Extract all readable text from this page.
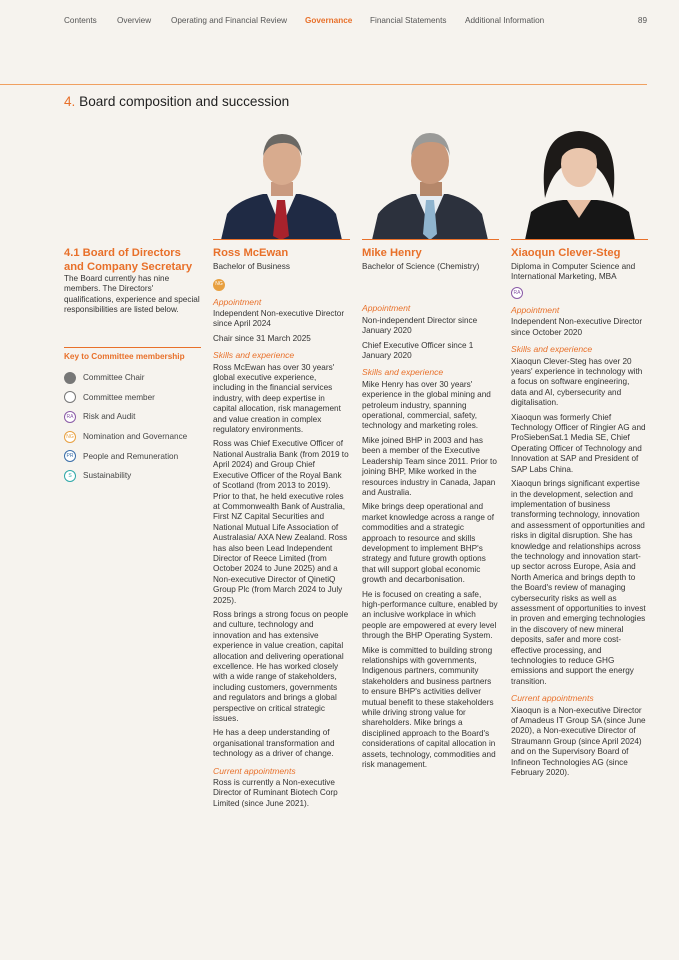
Contents Overview Operating and Financial Review Governance Financial Statements Additional Information	89
4. Board composition and succession
4.1 Board of Directors and Company Secretary

The Board currently has nine members. The Directors' qualifications, experience and special responsibilities are listed below.

Key to Committee membership
Committee Chair
Committee member
RA	Risk and Audit
NG Nomination and Governance
PR	People and Remuneration
S	Sustainability
Ross McEwan

Bachelor of Business

NG
Appointment

Independent Non-executive Director since April 2024

Chair since 31 March 2025

Skills and experience

Ross McEwan has over 30 years' global executive experience, including in the financial services industry, with deep expertise in capital allocation, risk management and value creation in complex regulatory environments.

Ross was Chief Executive Officer of National Australia Bank (from 2019 to April 2024) and Group Chief Executive Officer of the Royal Bank of Scotland (from 2013 to 2019). Prior to that, he held executive roles at Commonwealth Bank of Australia, First NZ Capital Securities and National Mutual Life Association of Australasia/ AXA New Zealand. Ross has also been Lead Independent Director of Reece Limited (from October 2024 to June 2025) and a Non-executive Director of QinetiQ Group Plc (from March 2024 to July 2025).

Ross brings a strong focus on people and culture, technology and innovation and has extensive experience in value creation, capital allocation and delivering operational excellence. He has worked closely with a wide range of stakeholders, including customers, governments and regulators and brings a global perspective on critical strategic issues.

He has a deep understanding of organisational transformation and technology as a driver of change.

Current appointments

Ross is currently a Non-executive Director of Ruminant Biotech Corp Limited (since June 2021).

Mike Henry

Bachelor of Science (Chemistry)

Appointment

Non-independent Director since January 2020

Chief Executive Officer since 1 January 2020

Skills and experience

Mike Henry has over 30 years' experience in the global mining and petroleum industry, spanning operational, commercial, safety, technology and marketing roles.

Mike joined BHP in 2003 and has been a member of the Executive Leadership Team since 2011. Prior to joining BHP, Mike worked in the resources industry in Canada, Japan and Australia.

Mike brings deep operational and market knowledge across a range of commodities and a strategic approach to resource and skills development to implement BHP's strategy and future growth options that will support global economic growth and decarbonisation.

He is focused on creating a safe, high-performance culture, enabled by an inclusive workplace in which people are empowered at every level through the BHP Operating System.

Mike is committed to building strong relationships with governments, Indigenous partners, community stakeholders and business partners to ensure BHP's activities deliver mutual benefit to these stakeholders while driving strong value for shareholders. Mike brings a disciplined approach to the Board's considerations of capital allocation in assets, technology, commodities and risk management.

Xiaoqun Clever-Steg

Diploma in Computer Science and International Marketing, MBA

RA
Appointment

Independent Non-executive Director since October 2020

Skills and experience

Xiaoqun Clever-Steg has over 20 years' experience in technology with a focus on software engineering, data and AI, cybersecurity and digitalisation.

Xiaoqun was formerly Chief Technology Officer of Ringier AG and ProSiebenSat.1 Media SE, Chief Operating Officer of Technology and Innovation at SAP and President of SAP Labs China.

Xiaoqun brings significant expertise in the development, selection and implementation of business transforming technology, innovation and assessment of opportunities and risks in digital disruption. She has knowledge and relationships across the technology and innovation start-up sector across Europe, Asia and North America and brings depth to the Board's review of managing cybersecurity risks as well as assessment of opportunities to invest in proven and emerging technologies in the discovery of new mineral deposits, safer and more cost-effective processing, and technologies to reduce GHG emissions and support the energy transition.

Current appointments

Xiaoqun is a Non-executive Director of Amadeus IT Group SA (since June 2020), a Non-executive Director of Straumann Group (since April 2024) and on the Supervisory Board of Infineon Technologies AG (since February 2020).
